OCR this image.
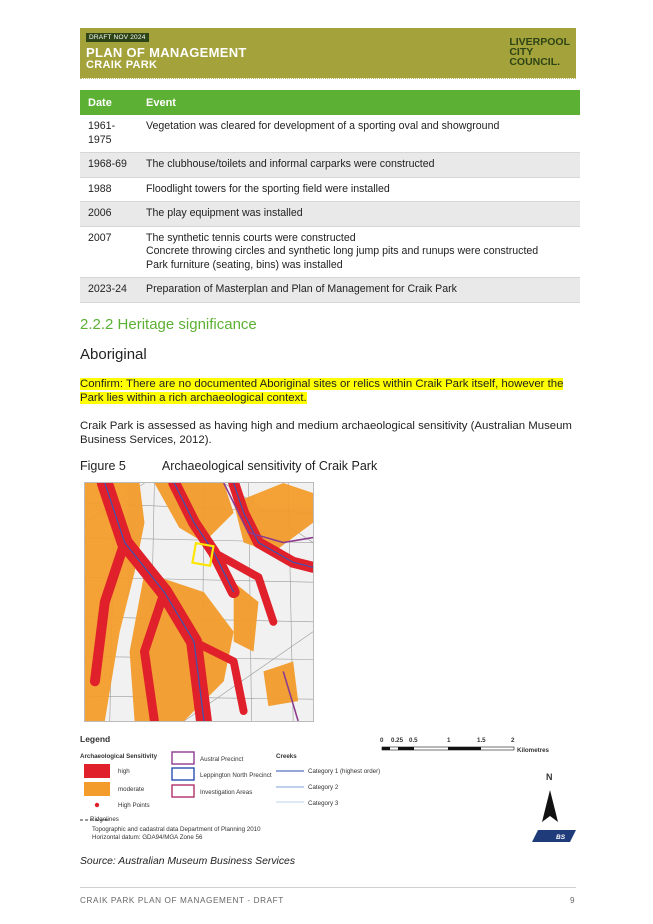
DRAFT NOV 2024
PLAN OF MANAGEMENT
CRAIK PARK
LIVERPOOL
CITY
COUNCIL.
Date	Event

1961-
1975	Vegetation was cleared for development of a sporting oval and showground
1968-69	The clubhouse/toilets and informal carparks were constructed
1988	Floodlight towers for the sporting field were installed
2006	The play equipment was installed
2007	The synthetic tennis courts were constructed
Concrete throwing circles and synthetic long jump pits and runups were constructed
Park furniture (seating, bins) was installed

2023-24	Preparation of Masterplan and Plan of Management for Craik Park
2.2.2 Heritage significance
Aboriginal
Confirm: There are no documented Aboriginal sites or relics within Craik Park itself, however the Park lies within a rich archaeological context.
Craik Park is assessed as having high and medium archaeological sensitivity (Australian Museum Business Services, 2012).
Figure 5	Archaeological sensitivity of Craik Park
Legend
Archaeological Sensitivity
high
moderate
High Points
Ridgelines
Topographic and cadastral data Department of Planning 2010
Horizontal datum: GDA94/MGA Zone 56
Austral Precinct
Leppington North Precinct
Investigation Areas
Creeks
Category 1 (highest order)
Category 2
Category 3
0 0.25 0.5	1	1.5	2
Kilometres
N
BS
Source: Australian Museum Business Services
CRAIK PARK PLAN OF MANAGEMENT - DRAFT	9
